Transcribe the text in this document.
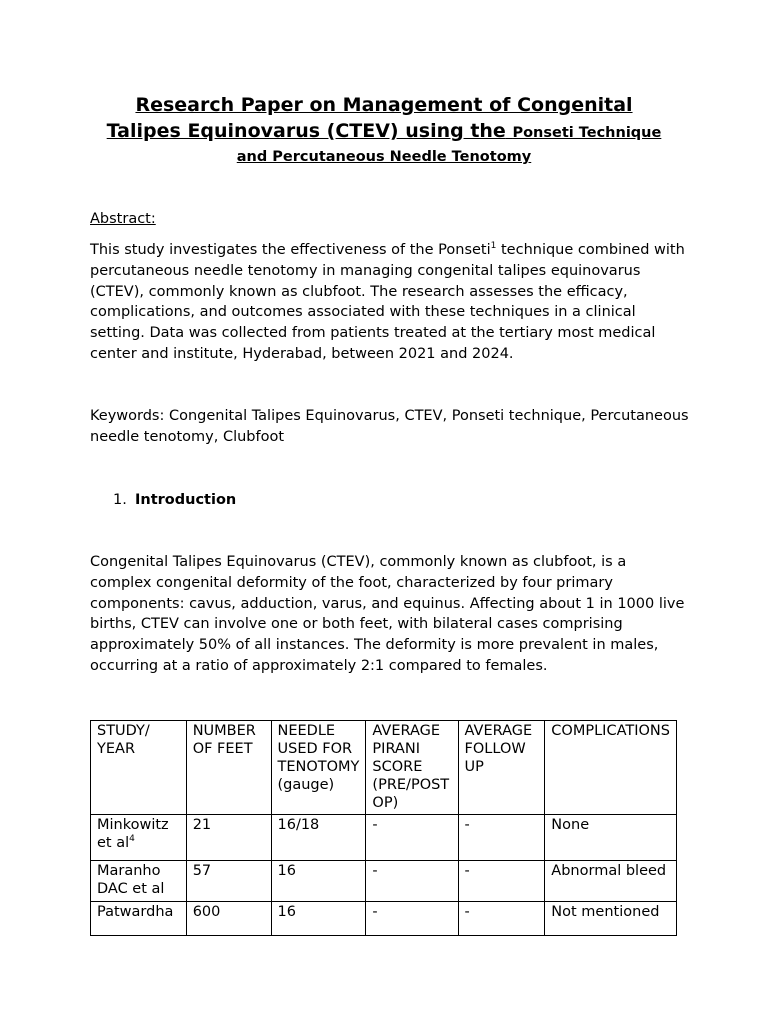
Research Paper on Management of Congenital
Talipes Equinovarus (CTEV) using the Ponseti Technique
and Percutaneous Needle Tenotomy
Abstract:
This study investigates the effectiveness of the Ponseti$^1$ technique combined with percutaneous needle tenotomy in managing congenital talipes equinovarus (CTEV), commonly known as clubfoot. The research assesses the efficacy, complications, and outcomes associated with these techniques in a clinical setting. Data was collected from patients treated at the tertiary most medical center and institute, Hyderabad, between 2021 and 2024.
Keywords: Congenital Talipes Equinovarus, CTEV, Ponseti technique, Percutaneous needle tenotomy, Clubfoot
1. Introduction
Congenital Talipes Equinovarus (CTEV), commonly known as clubfoot, is a complex congenital deformity of the foot, characterized by four primary components: cavus, adduction, varus, and equinus. Affecting about 1 in 1000 live births, CTEV can involve one or both feet, with bilateral cases comprising approximately 50% of all instances. The deformity is more prevalent in males, occurring at a ratio of approximately 2:1 compared to females.
STUDY/ YEAR	NUMBER OF FEET	NEEDLE USED FOR TENOTOMY (gauge)	AVERAGE PIRANI SCORE (PRE/POST OP)	AVERAGE FOLLOW UP	COMPLICATIONS
Minkowitz et $al^4$	21	16/18	-	-	None
Maranho DAC et al	57	16	-	-	Abnormal bleed
Patwardha	600	16	-	-	Not mentioned
